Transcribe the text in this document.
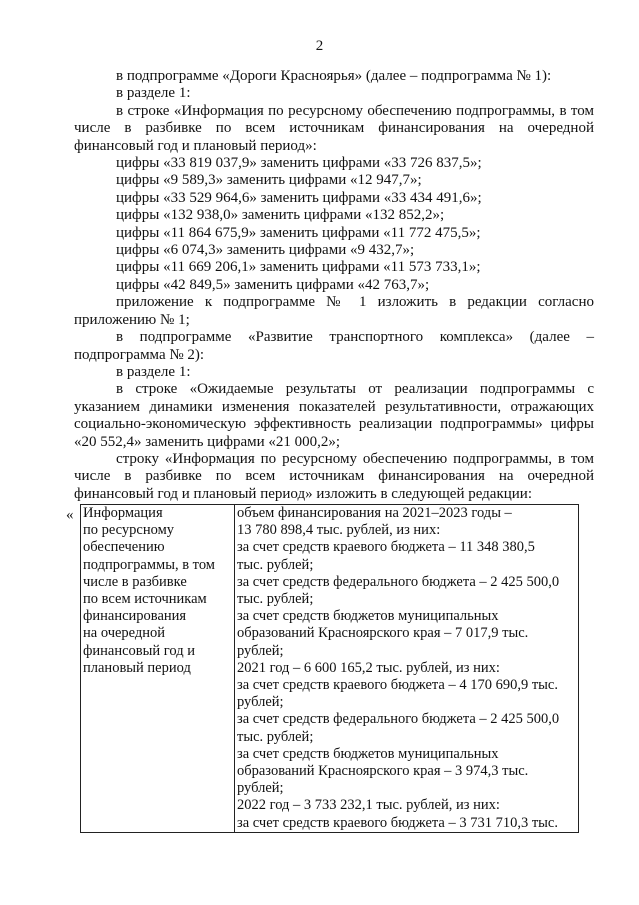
2

в подпрограмме «Дороги Красноярья» (далее – подпрограмма № 1):

в разделе 1:

в строке «Информация по ресурсному обеспечению подпрограммы, в том числе в разбивке по всем источникам финансирования на очередной финансовый год и плановый период»:

цифры «33 819 037,9» заменить цифрами «33 726 837,5»;

цифры «9 589,3» заменить цифрами «12 947,7»;

цифры «33 529 964,6» заменить цифрами «33 434 491,6»;

цифры «132 938,0» заменить цифрами «132 852,2»;

цифры «11 864 675,9» заменить цифрами «11 772 475,5»;

цифры «6 074,3» заменить цифрами «9 432,7»;

цифры «11 669 206,1» заменить цифрами «11 573 733,1»;

цифры «42 849,5» заменить цифрами «42 763,7»;

приложение к подпрограмме № 1 изложить в редакции согласно приложению № 1;

в подпрограмме «Развитие транспортного комплекса» (далее – подпрограмма № 2):

в разделе 1:

в строке «Ожидаемые результаты от реализации подпрограммы с указанием динамики изменения показателей результативности, отражающих социально-экономическую эффективность реализации подпрограммы» цифры «20 552,4» заменить цифрами «21 000,2»;

строку «Информация по ресурсному обеспечению подпрограммы, в том числе в разбивке по всем источникам финансирования на очередной финансовый год и плановый период» изложить в следующей редакции:

« Информация
по ресурсному
обеспечению
подпрограммы, в том
числе в разбивке
по всем источникам
финансирования
на очередной
финансовый год и
плановый период

объем финансирования на 2021–2023 годы –
13 780 898,4 тыс. рублей, из них:
за счет средств краевого бюджета – 11 348 380,5
тыс. рублей;
за счет средств федерального бюджета – 2 425 500,0
тыс. рублей;
за счет средств бюджетов муниципальных
образований Красноярского края – 7 017,9 тыс.
рублей;
2021 год – 6 600 165,2 тыс. рублей, из них:
за счет средств краевого бюджета – 4 170 690,9 тыс.
рублей;
за счет средств федерального бюджета – 2 425 500,0
тыс. рублей;
за счет средств бюджетов муниципальных
образований Красноярского края – 3 974,3 тыс.
рублей;
2022 год – 3 733 232,1 тыс. рублей, из них:
за счет средств краевого бюджета – 3 731 710,3 тыс.
